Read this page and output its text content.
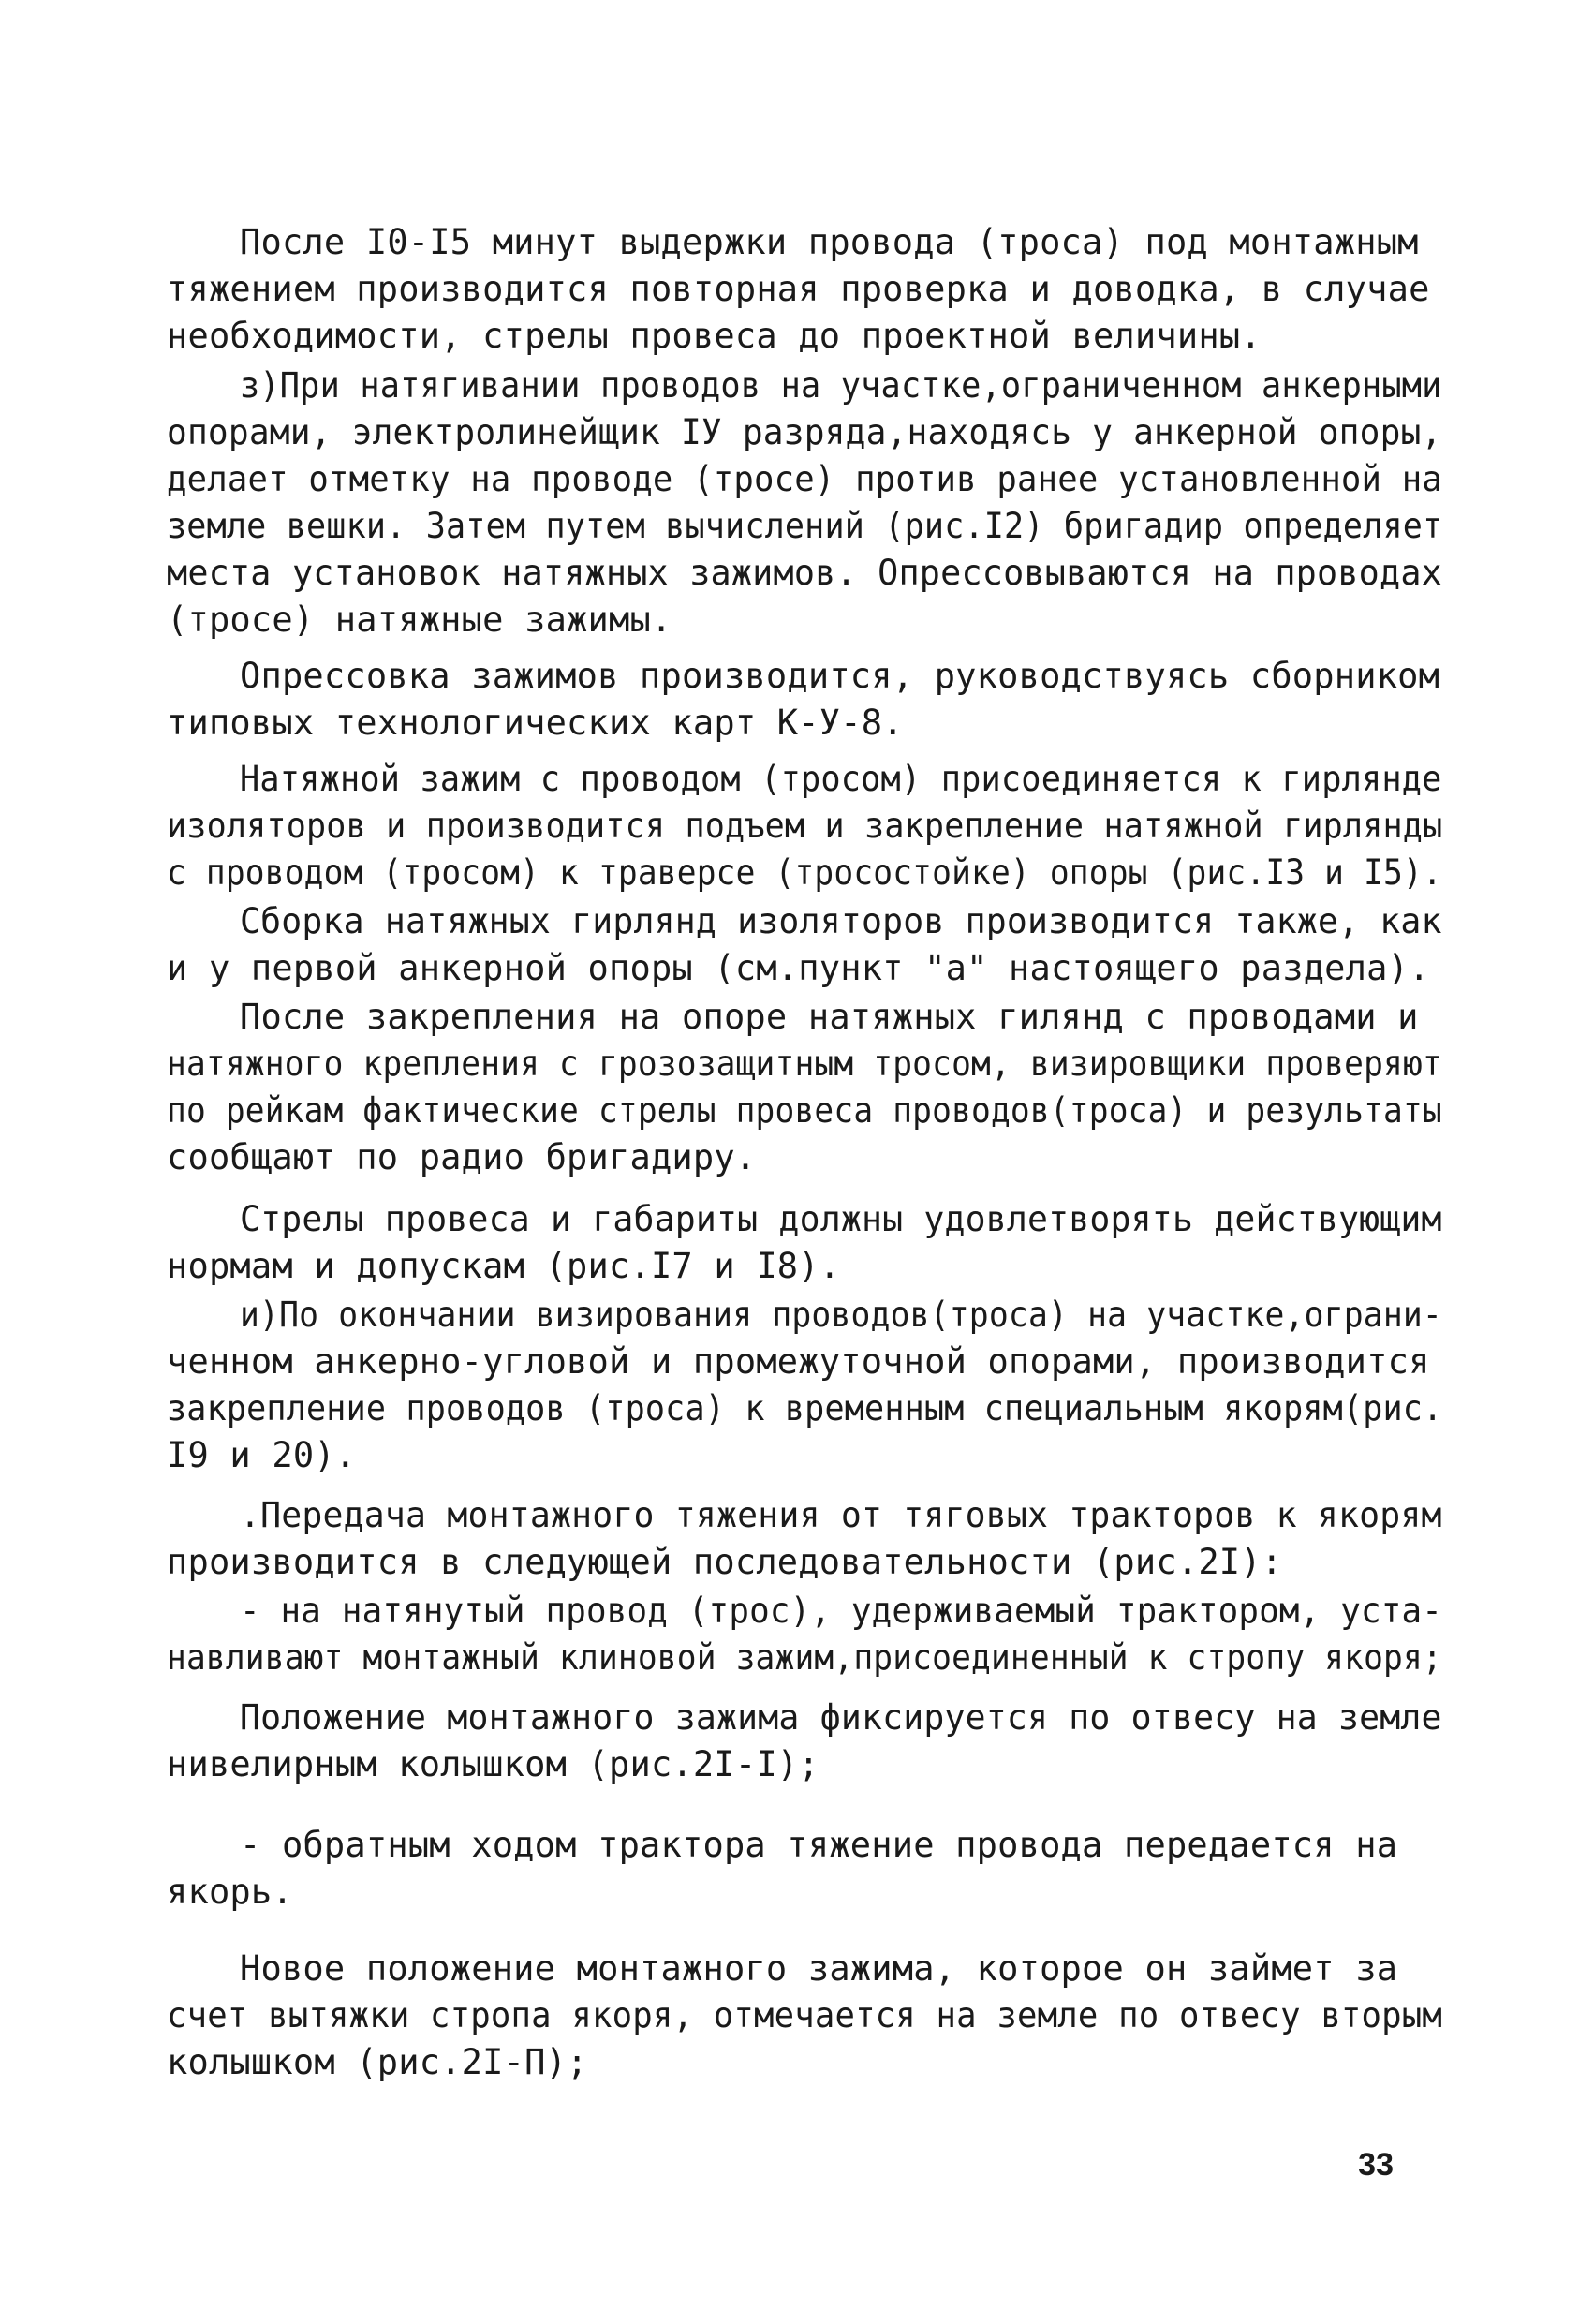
После I0-I5 минут выдержки провода (троса) под монтажным
тяжением производится повторная проверка и доводка, в случае
необходимости, стрелы провеса до проектной величины.
з)При натягивании проводов на участке,ограниченном анкерными
опорами, электролинейщик IУ разряда,находясь у анкерной опоры,
делает отметку на проводе (тросе) против ранее установленной на
земле вешки. Затем путем вычислений (рис.I2) бригадир определяет
места установок натяжных зажимов. Опрессовываются на проводах
(тросе) натяжные зажимы.
Опрессовка зажимов производится, руководствуясь сборником
типовых технологических карт К-У-8.
Натяжной зажим с проводом (тросом) присоединяется к гирлянде
изоляторов и производится подъем и закрепление натяжной гирлянды
с проводом (тросом) к траверсе (тросостойке) опоры (рис.I3 и I5).
Сборка натяжных гирлянд изоляторов производится также, как
и у первой анкерной опоры (см.пункт "а" настоящего раздела).
После закрепления на опоре натяжных гилянд с проводами и
натяжного крепления с грозозащитным тросом, визировщики проверяют
по рейкам фактические стрелы провеса проводов(троса) и результаты
сообщают по радио бригадиру.
Стрелы провеса и габариты должны удовлетворять действующим
нормам и допускам (рис.I7 и I8).
и)По окончании визирования проводов(троса) на участке,ограни-
ченном анкерно-угловой и промежуточной опорами, производится
закрепление проводов (троса) к временным специальным якорям(рис.
I9 и 20).
.Передача монтажного тяжения от тяговых тракторов к якорям
производится в следующей последовательности (рис.2I):
- на натянутый провод (трос), удерживаемый трактором, уста-
навливают монтажный клиновой зажим,присоединенный к стропу якоря;
Положение монтажного зажима фиксируется по отвесу на земле
нивелирным колышком (рис.2I-I);
- обратным ходом трактора тяжение провода передается на
якорь.
Новое положение монтажного зажима, которое он займет за
счет вытяжки стропа якоря, отмечается на земле по отвесу вторым
колышком (рис.2I-П);
33
